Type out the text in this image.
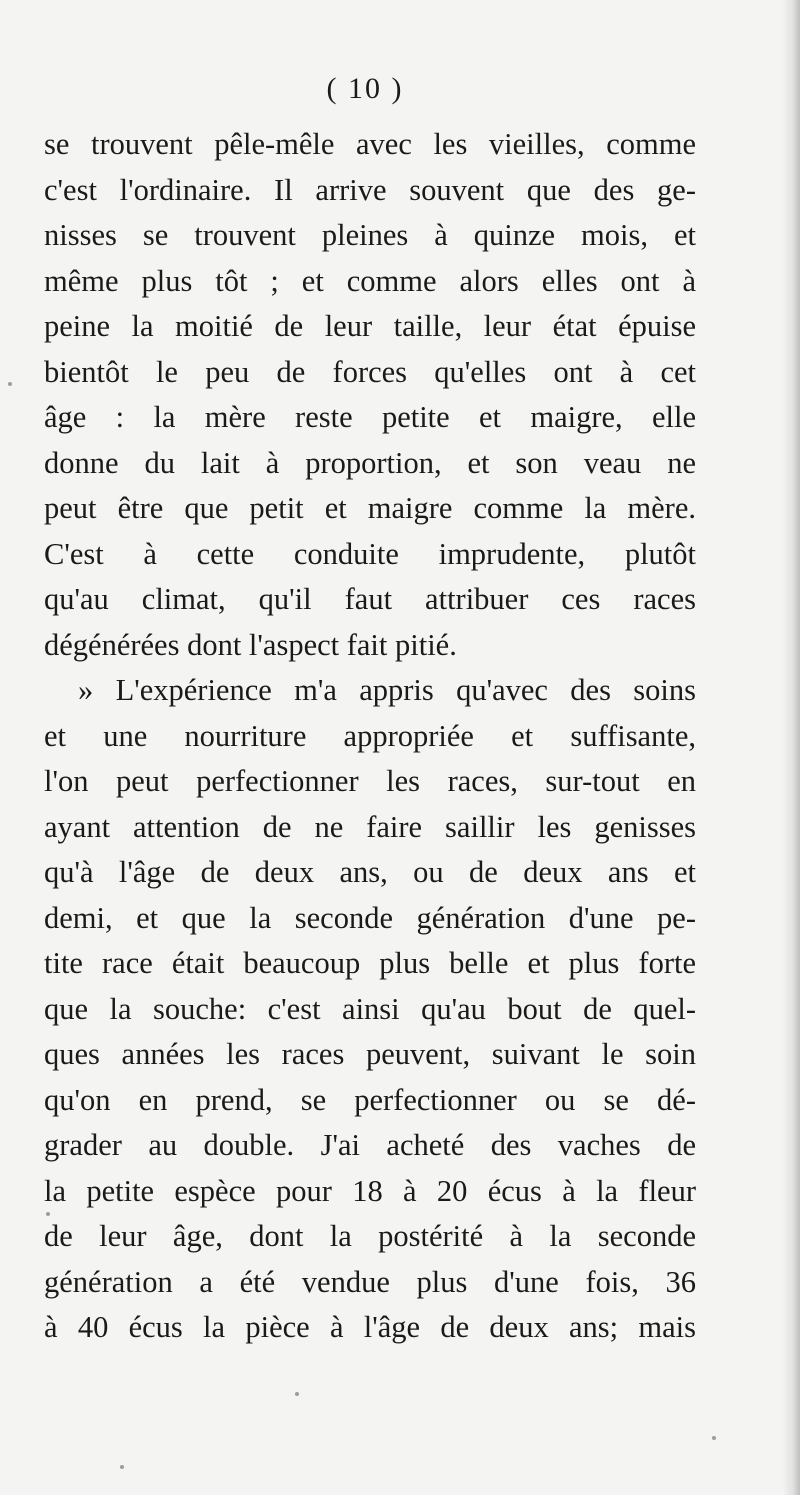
( 10 )
se trouvent pêle-mêle avec les vieilles, comme
c'est l'ordinaire. Il arrive souvent que des ge-
nisses se trouvent pleines à quinze mois, et
même plus tôt ; et comme alors elles ont à
peine la moitié de leur taille, leur état épuise
bientôt le peu de forces qu'elles ont à cet
âge : la mère reste petite et maigre, elle
donne du lait à proportion, et son veau ne
peut être que petit et maigre comme la mère.
C'est à cette conduite imprudente, plutôt
qu'au climat, qu'il faut attribuer ces races
dégénérées dont l'aspect fait pitié.
» L'expérience m'a appris qu'avec des soins
et une nourriture appropriée et suffisante,
l'on peut perfectionner les races, sur-tout en
ayant attention de ne faire saillir les genisses
qu'à l'âge de deux ans, ou de deux ans et
demi, et que la seconde génération d'une pe-
tite race était beaucoup plus belle et plus forte
que la souche: c'est ainsi qu'au bout de quel-
ques années les races peuvent, suivant le soin
qu'on en prend, se perfectionner ou se dé-
grader au double. J'ai acheté des vaches de
la petite espèce pour 18 à 20 écus à la fleur
de leur âge, dont la postérité à la seconde
génération a été vendue plus d'une fois, 36
à 40 écus la pièce à l'âge de deux ans; mais
